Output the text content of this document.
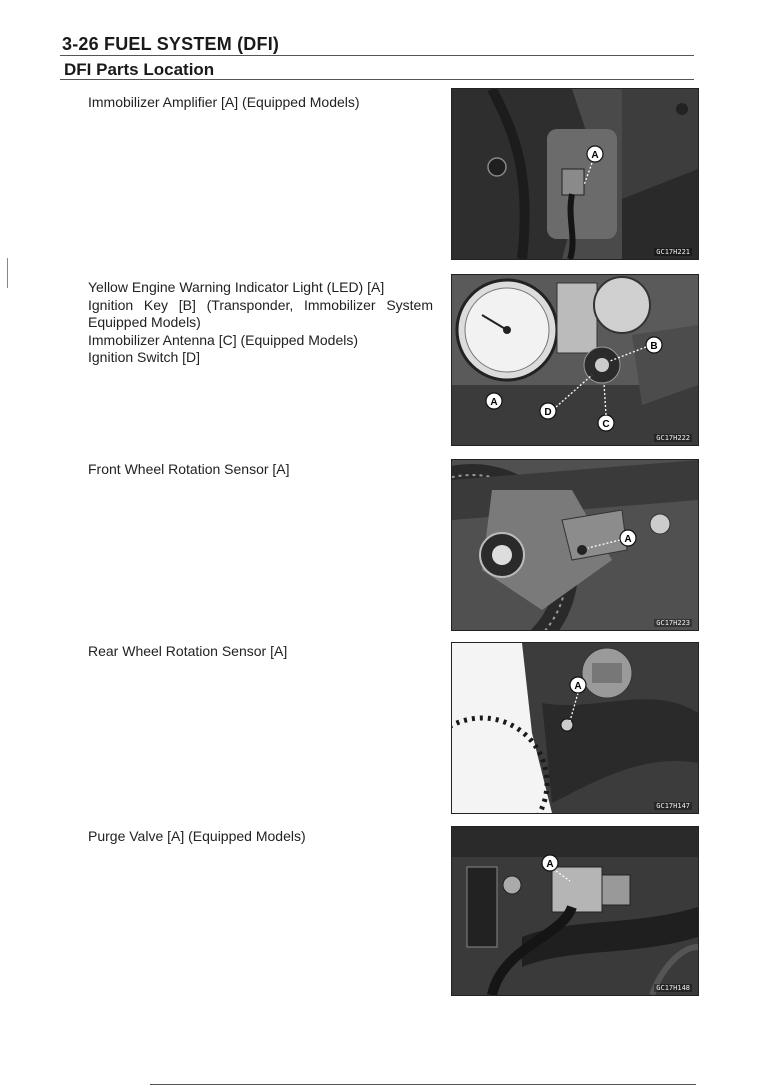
3-26 FUEL SYSTEM (DFI)
DFI Parts Location
Immobilizer Amplifier [A] (Equipped Models)
A
GC17H221
Yellow Engine Warning Indicator Light (LED) [A]
Ignition Key [B] (Transponder, Immobilizer System
Equipped Models)
Immobilizer Antenna [C] (Equipped Models)
Ignition Switch [D]
A
B
C
D
GC17H222
Front Wheel Rotation Sensor [A]
A
GC17H223
Rear Wheel Rotation Sensor [A]
A
GC17H147
Purge Valve [A] (Equipped Models)
A
GC17H148
